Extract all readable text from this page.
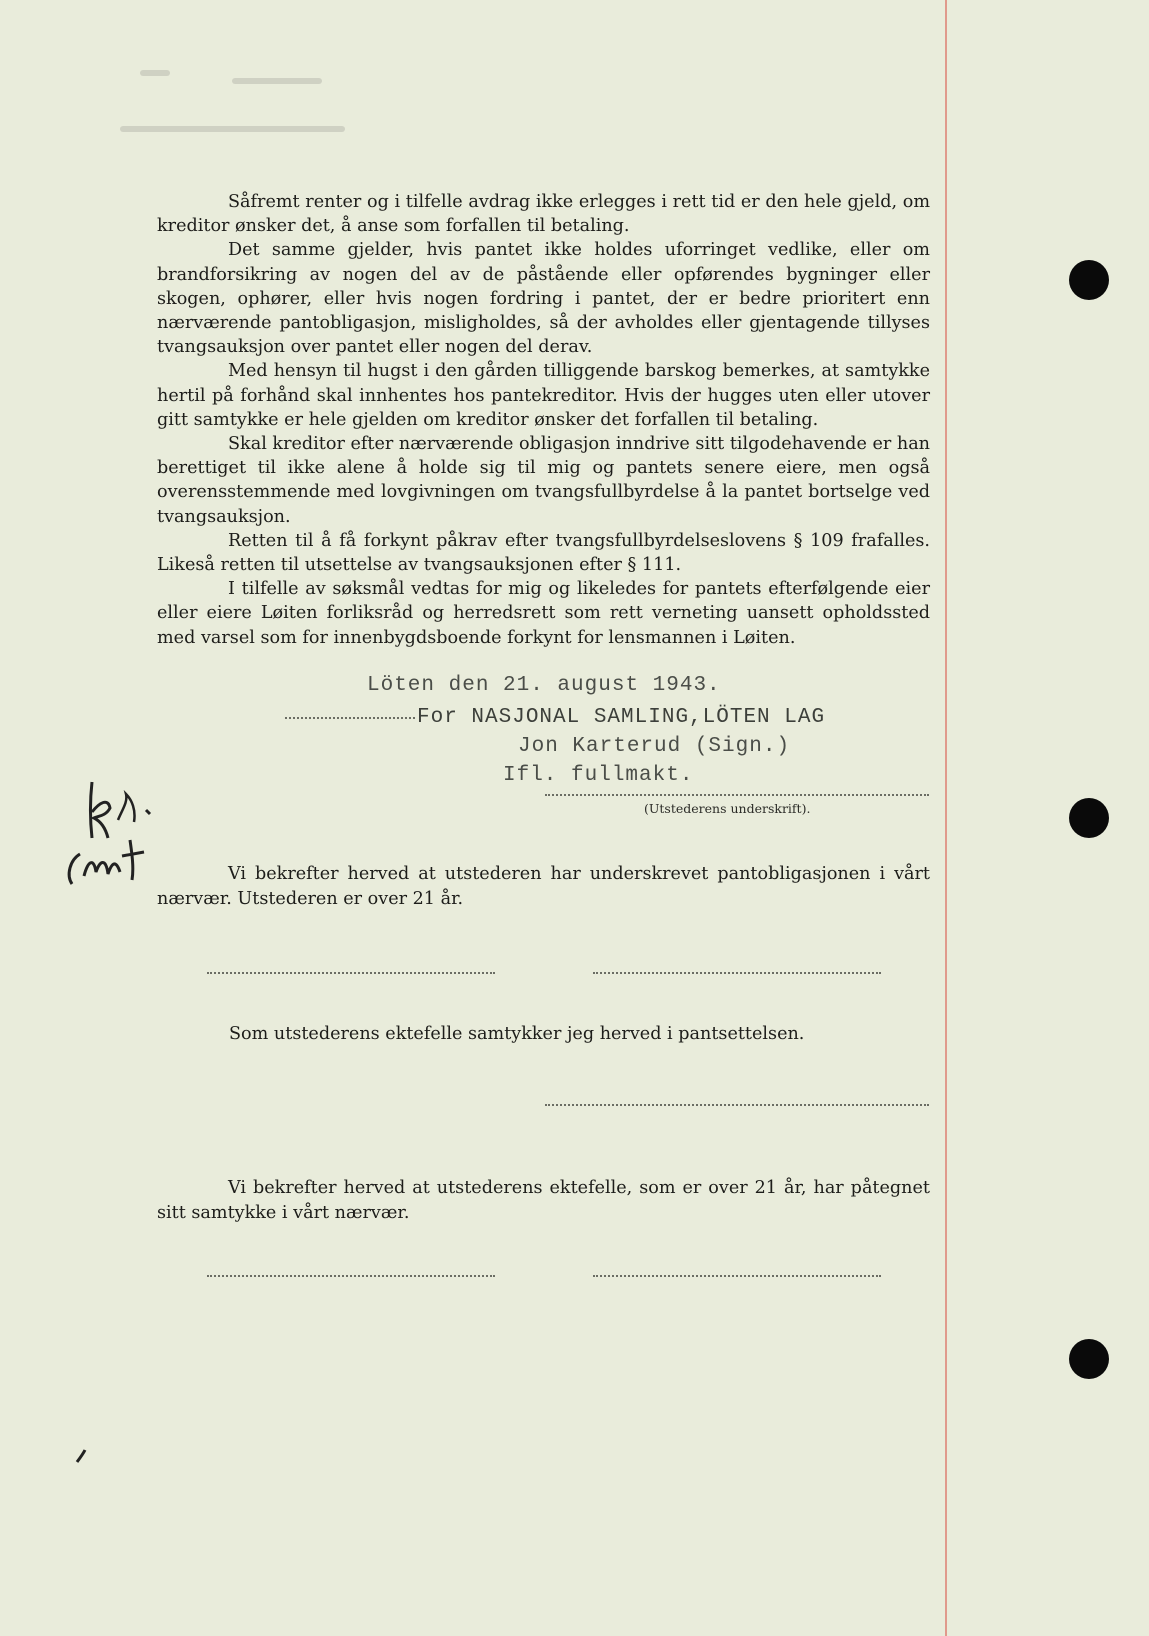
Såfremt renter og i tilfelle avdrag ikke erlegges i rett tid er den hele gjeld, om kreditor ønsker det, å anse som forfallen til betaling.

Det samme gjelder, hvis pantet ikke holdes uforringet vedlike, eller om brandforsikring av nogen del av de påstående eller opførendes bygninger eller skogen, ophører, eller hvis nogen fordring i pantet, der er bedre prioritert enn nærværende pantobligasjon, misligholdes, så der avholdes eller gjentagende tillyses tvangsauksjon over pantet eller nogen del derav.

Med hensyn til hugst i den gården tilliggende barskog bemerkes, at samtykke hertil på forhånd skal innhentes hos pantekreditor. Hvis der hugges uten eller utover gitt samtykke er hele gjelden om kreditor ønsker det forfallen til betaling.

Skal kreditor efter nærværende obligasjon inndrive sitt tilgodehavende er han berettiget til ikke alene å holde sig til mig og pantets senere eiere, men også overensstemmende med lovgivningen om tvangsfullbyrdelse å la pantet bortselge ved tvangsauksjon.

Retten til å få forkynt påkrav efter tvangsfullbyrdelseslovens § 109 frafalles. Likeså retten til utsettelse av tvangsauksjonen efter § 111.

I tilfelle av søksmål vedtas for mig og likeledes for pantets efterfølgende eier eller eiere Løiten forliksråd og herredsrett som rett verneting uansett opholdssted med varsel som for innenbygdsboende forkynt for lensmannen i Løiten.

Löten den 21. august 1943.
For NASJONAL SAMLING,LÖTEN LAG
Jon Karterud (Sign.)
Ifl. fullmakt.
(Utstederens underskrift).
Vi bekrefter herved at utstederen har underskrevet pantobligasjonen i vårt nærvær. Utstederen er over 21 år.
Som utstederens ektefelle samtykker jeg herved i pantsettelsen.
Vi bekrefter herved at utstederens ektefelle, som er over 21 år, har påtegnet sitt samtykke i vårt nærvær.
